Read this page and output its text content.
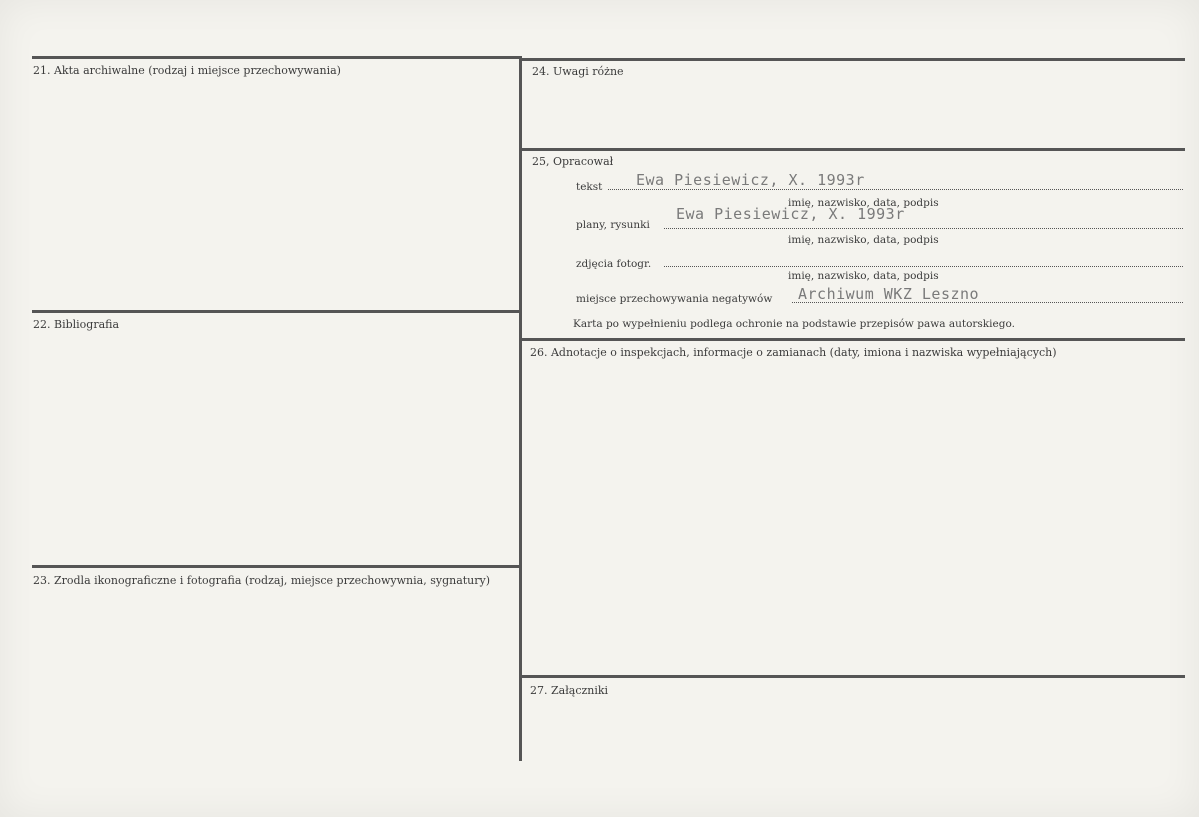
21. Akta archiwalne (rodzaj i miejsce przechowywania)
22. Bibliografia
23. Zrodla ikonograficzne i fotografia (rodzaj, miejsce przechowywnia, sygnatury)
24. Uwagi różne
25, Opracował
26. Adnotacje o inspekcjach, informacje o zamianach (daty, imiona i nazwiska wypełniających)
27. Załączniki
tekst Ewa Piesiewicz, X. 1993r
imię, nazwisko, data, podpis
plany, rysunki
Ewa Piesiewicz, X. 1993r
imię, nazwisko, data, podpis
zdjęcia fotogr.
imię, nazwisko, data, podpis
miejsce przechowywania negatywów Archiwum WKZ Leszno
Karta po wypełnieniu podlega ochronie na podstawie przepisów pawa autorskiego.
